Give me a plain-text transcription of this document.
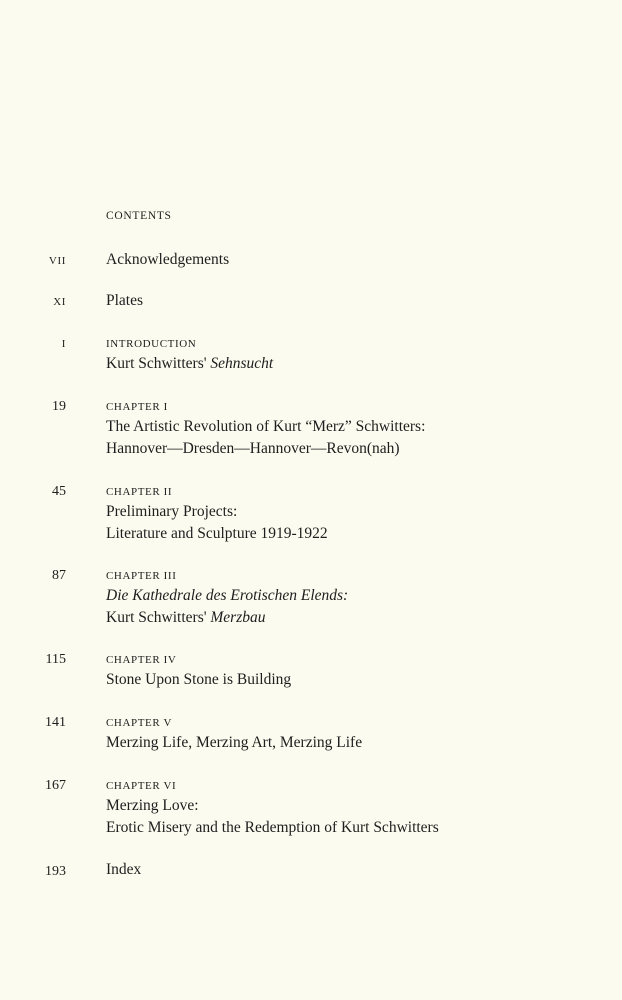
CONTENTS
VII	Acknowledgements
XI	Plates
I	INTRODUCTION
Kurt Schwitters' Sehnsucht
19	CHAPTER I
The Artistic Revolution of Kurt “Merz” Schwitters:
Hannover—Dresden—Hannover—Revon(nah)
45	CHAPTER II
Preliminary Projects:
Literature and Sculpture 1919-1922
87	CHAPTER III
Die Kathedrale des Erotischen Elends:
Kurt Schwitters' Merzbau
115	CHAPTER IV
Stone Upon Stone is Building
141	CHAPTER V
Merzing Life, Merzing Art, Merzing Life
167	CHAPTER VI
Merzing Love:
Erotic Misery and the Redemption of Kurt Schwitters
193	Index
